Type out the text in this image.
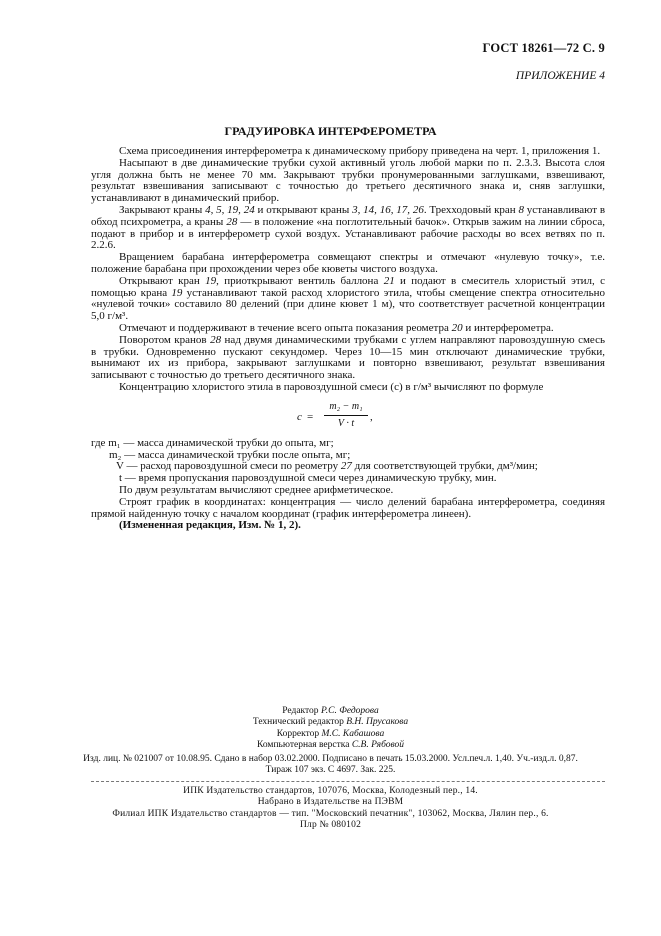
ГОСТ 18261—72 С. 9
ПРИЛОЖЕНИЕ 4
ГРАДУИРОВКА ИНТЕРФЕРОМЕТРА

Схема присоединения интерферометра к динамическому прибору приведена на черт. 1, приложения 1.

Насыпают в две динамические трубки сухой активный уголь любой марки по п. 2.3.3. Высота слоя угля должна быть не менее 70 мм. Закрывают трубки пронумерованными заглушками, взвешивают, результат взвешивания записывают с точностью до третьего десятичного знака и, сняв заглушки, устанавливают в динамический прибор.

Закрывают краны 4, 5, 19, 24 и открывают краны 3, 14, 16, 17, 26. Трехходовый кран 8 устанавливают в обход психрометра, а краны 28 — в положение «на поглотительный бачок». Открыв зажим на линии сброса, подают в прибор и в интерферометр сухой воздух. Устанавливают рабочие расходы во всех ветвях по п. 2.2.6.

Вращением барабана интерферометра совмещают спектры и отмечают «нулевую точку», т.е. положение барабана при прохождении через обе кюветы чистого воздуха.

Открывают кран 19, приоткрывают вентиль баллона 21 и подают в смеситель хлористый этил, с помощью крана 19 устанавливают такой расход хлористого этила, чтобы смещение спектра относительно «нулевой точки» составило 80 делений (при длине кювет 1 м), что соответствует расчетной концентрации 5,0 г/м³.

Отмечают и поддерживают в течение всего опыта показания реометра 20 и интерферометра.

Поворотом кранов 28 над двумя динамическими трубками с углем направляют паровоздушную смесь в трубки. Одновременно пускают секундомер. Через 10—15 мин отключают динамические трубки, вынимают их из прибора, закрывают заглушками и повторно взвешивают, результат взвешивания записывают с точностью до третьего десятичного знака.

Концентрацию хлористого этила в паровоздушной смеси (c) в г/м³ вычисляют по формуле

$c = \frac{\text{m₂ − m₁}}{V \cdot t}$ ,
где m₁ — масса динамической трубки до опыта, мг;
m₂ — масса динамической трубки после опыта, мг;
V — расход паровоздушной смеси по реометру 27 для соответствующей трубки, дм³/мин;
t — время пропускания паровоздушной смеси через динамическую трубку, мин.

По двум результатам вычисляют среднее арифметическое.

Строят график в координатах: концентрация — число делений барабана интерферометра, соединяя прямой найденную точку с началом координат (график интерферометра линеен).

(Измененная редакция, Изм. № 1, 2).

Редактор Р.С. Федорова
Технический редактор В.Н. Прусакова
Корректор М.С. Кабашова
Компьютерная верстка С.В. Рябовой
Изд. лиц. № 021007 от 10.08.95. Сдано в набор 03.02.2000. Подписано в печать 15.03.2000. Усл.печ.л. 1,40. Уч.-изд.л. 0,87.
Тираж 107 экз. С 4697. Зак. 225.
ИПК Издательство стандартов, 107076, Москва, Колодезный пер., 14.
Набрано в Издательстве на ПЭВМ
Филиал ИПК Издательство стандартов — тип. "Московский печатник", 103062, Москва, Лялин пер., 6.
Плр № 080102
